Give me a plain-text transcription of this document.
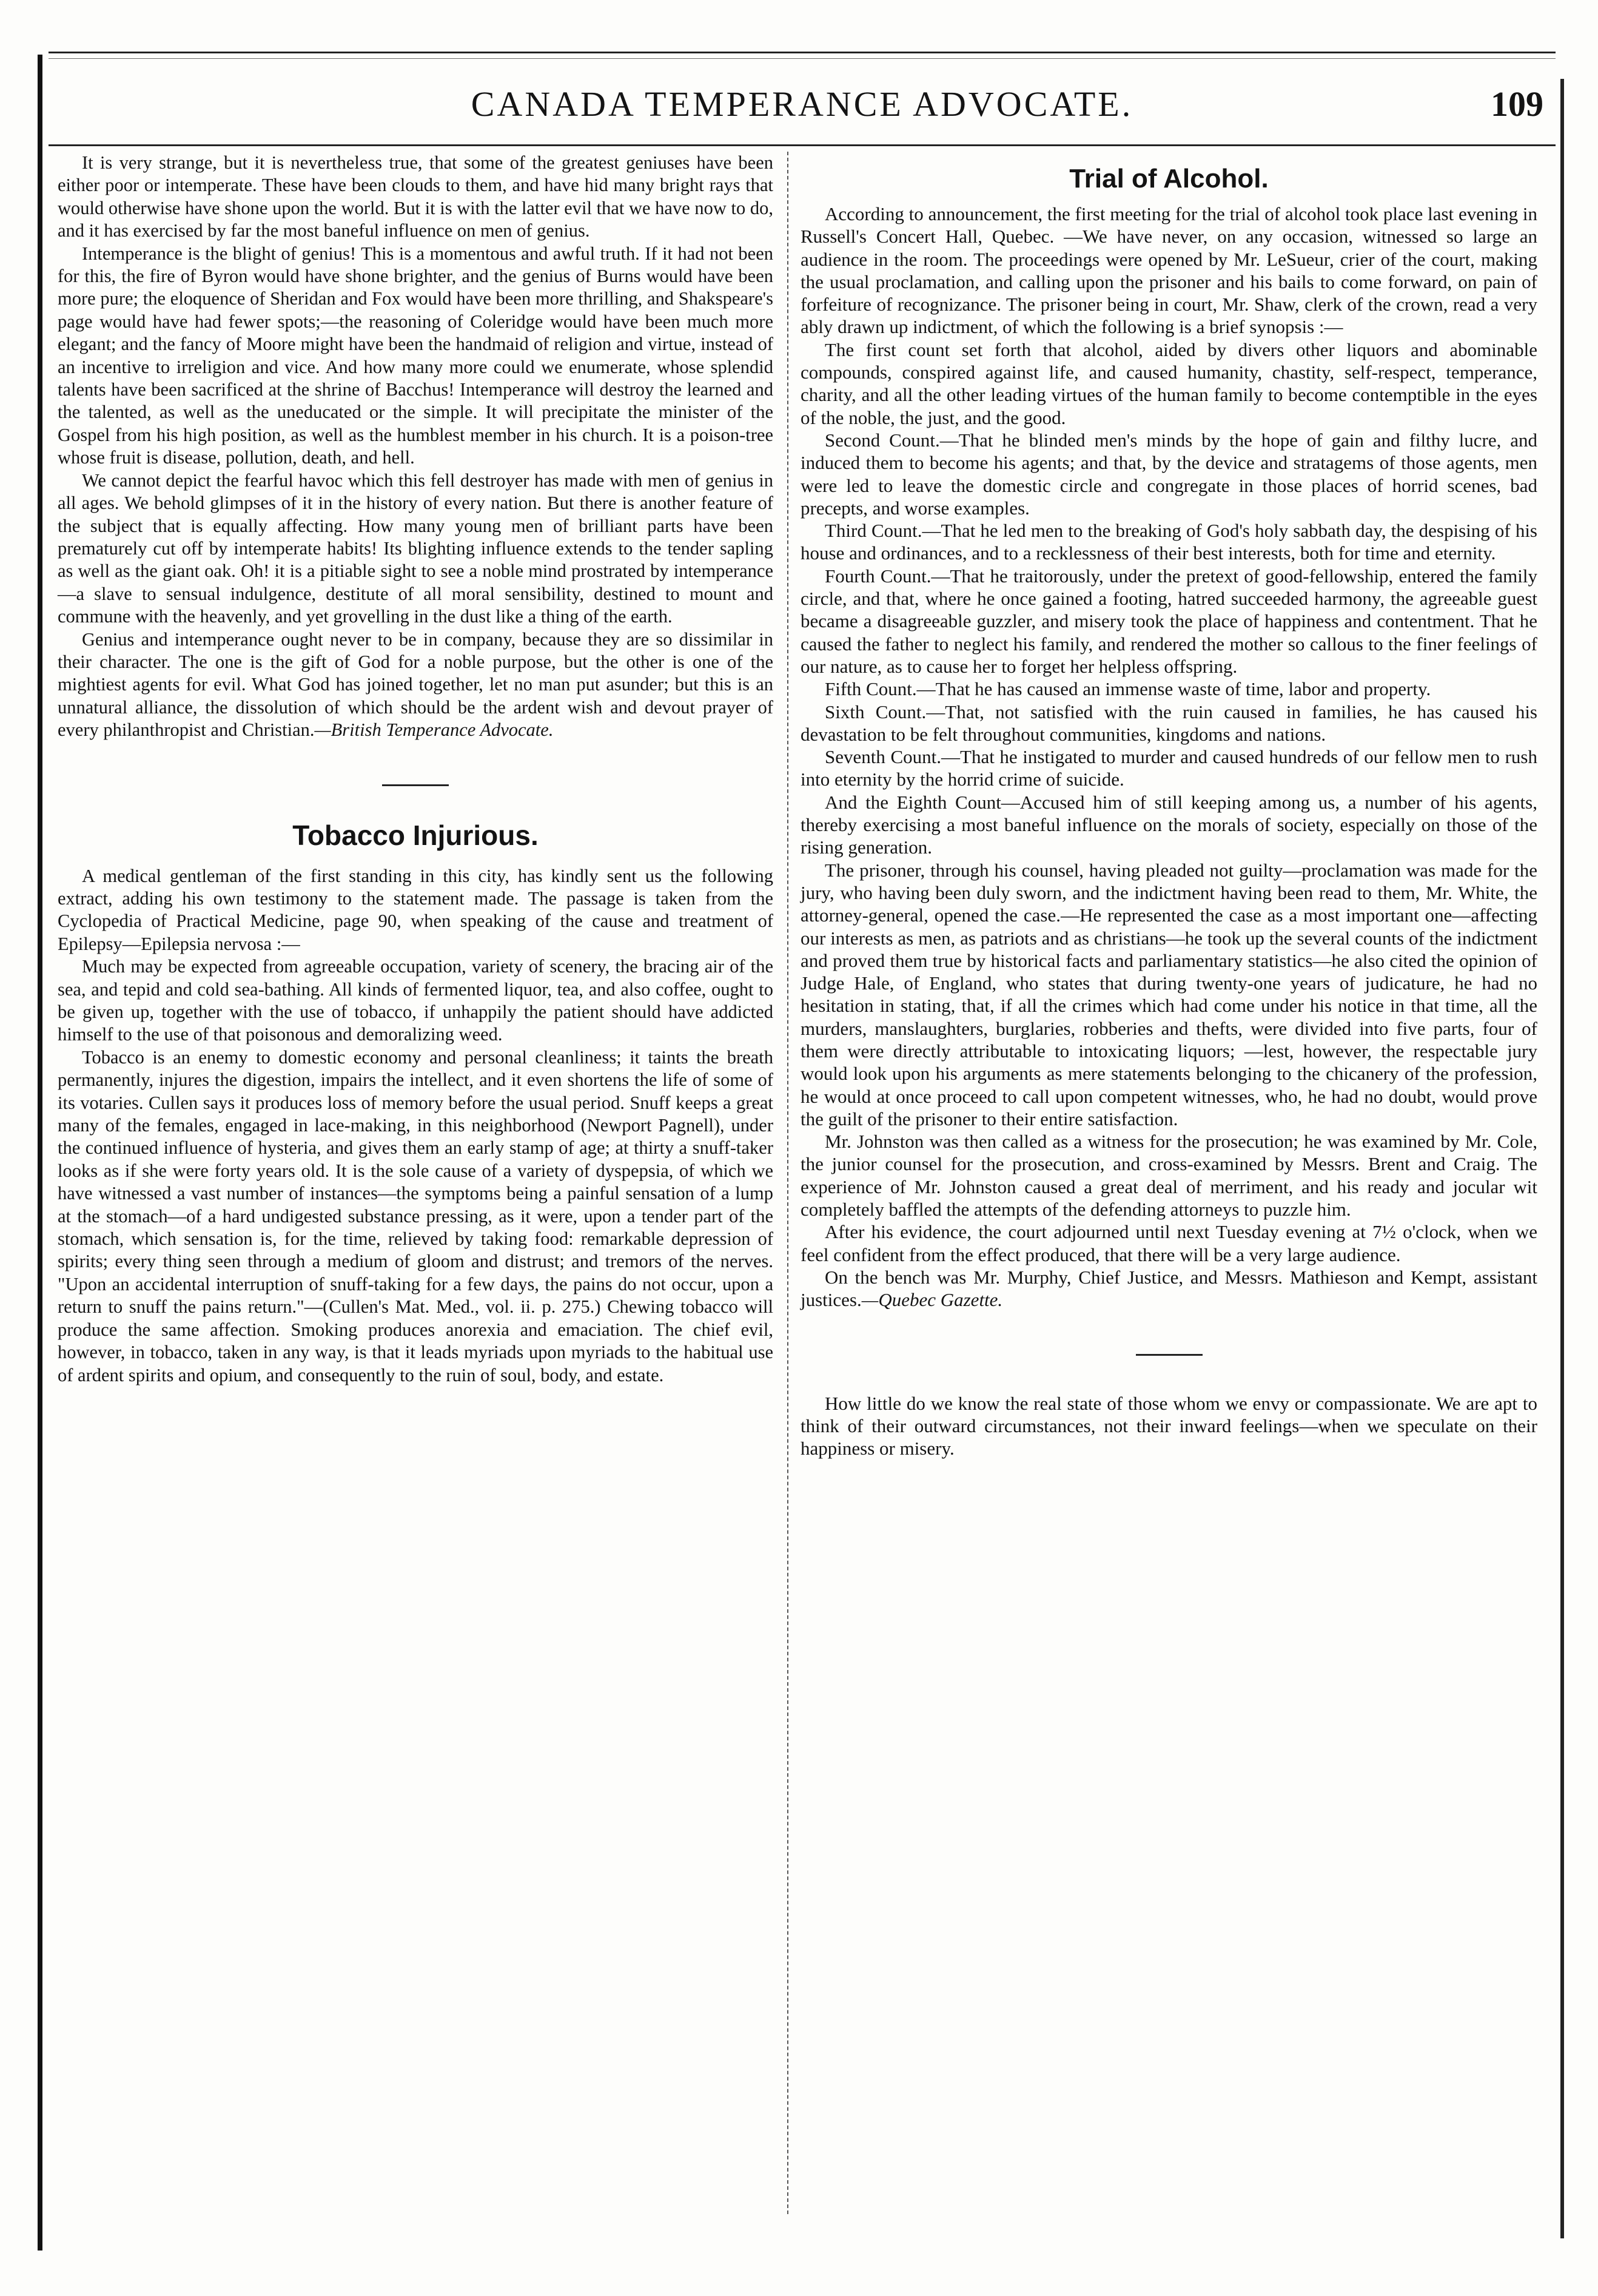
CANADA TEMPERANCE ADVOCATE.	109

It is very strange, but it is nevertheless true, that some of the greatest geniuses have been either poor or intemperate. These have been clouds to them, and have hid many bright rays that would otherwise have shone upon the world. But it is with the latter evil that we have now to do, and it has exercised by far the most baneful influence on men of genius.

Intemperance is the blight of genius! This is a momentous and awful truth. If it had not been for this, the fire of Byron would have shone brighter, and the genius of Burns would have been more pure; the eloquence of Sheridan and Fox would have been more thrilling, and Shakspeare's page would have had fewer spots;—the reasoning of Coleridge would have been much more elegant; and the fancy of Moore might have been the handmaid of religion and virtue, instead of an incentive to irreligion and vice. And how many more could we enumerate, whose splendid talents have been sacrificed at the shrine of Bacchus! Intemperance will destroy the learned and the talented, as well as the uneducated or the simple. It will precipitate the minister of the Gospel from his high position, as well as the humblest member in his church. It is a poison-tree whose fruit is disease, pollution, death, and hell.

We cannot depict the fearful havoc which this fell destroyer has made with men of genius in all ages. We behold glimpses of it in the history of every nation. But there is another feature of the subject that is equally affecting. How many young men of brilliant parts have been prematurely cut off by intemperate habits! Its blighting influence extends to the tender sapling as well as the giant oak. Oh! it is a pitiable sight to see a noble mind prostrated by intemperance—a slave to sensual indulgence, destitute of all moral sensibility, destined to mount and commune with the heavenly, and yet grovelling in the dust like a thing of the earth.

Genius and intemperance ought never to be in company, because they are so dissimilar in their character. The one is the gift of God for a noble purpose, but the other is one of the mightiest agents for evil. What God has joined together, let no man put asunder; but this is an unnatural alliance, the dissolution of which should be the ardent wish and devout prayer of every philanthropist and Christian.—British Temperance Advocate.

Tobacco Injurious.

A medical gentleman of the first standing in this city, has kindly sent us the following extract, adding his own testimony to the statement made. The passage is taken from the Cyclopedia of Practical Medicine, page 90, when speaking of the cause and treatment of Epilepsy—Epilepsia nervosa :—

Much may be expected from agreeable occupation, variety of scenery, the bracing air of the sea, and tepid and cold sea-bathing. All kinds of fermented liquor, tea, and also coffee, ought to be given up, together with the use of tobacco, if unhappily the patient should have addicted himself to the use of that poisonous and demoralizing weed.

Tobacco is an enemy to domestic economy and personal cleanliness; it taints the breath permanently, injures the digestion, impairs the intellect, and it even shortens the life of some of its votaries. Cullen says it produces loss of memory before the usual period. Snuff keeps a great many of the females, engaged in lace-making, in this neighborhood (Newport Pagnell), under the continued influence of hysteria, and gives them an early stamp of age; at thirty a snuff-taker looks as if she were forty years old. It is the sole cause of a variety of dyspepsia, of which we have witnessed a vast number of instances—the symptoms being a painful sensation of a lump at the stomach—of a hard undigested substance pressing, as it were, upon a tender part of the stomach, which sensation is, for the time, relieved by taking food: remarkable depression of spirits; every thing seen through a medium of gloom and distrust; and tremors of the nerves. "Upon an accidental interruption of snuff-taking for a few days, the pains do not occur, upon a return to snuff the pains return."—(Cullen's Mat. Med., vol. ii. p. 275.) Chewing tobacco will produce the same affection. Smoking produces anorexia and emaciation. The chief evil, however, in tobacco, taken in any way, is that it leads myriads upon myriads to the habitual use of ardent spirits and opium, and consequently to the ruin of soul, body, and estate.

Trial of Alcohol.

According to announcement, the first meeting for the trial of alcohol took place last evening in Russell's Concert Hall, Quebec. —We have never, on any occasion, witnessed so large an audience in the room. The proceedings were opened by Mr. LeSueur, crier of the court, making the usual proclamation, and calling upon the prisoner and his bails to come forward, on pain of forfeiture of recognizance. The prisoner being in court, Mr. Shaw, clerk of the crown, read a very ably drawn up indictment, of which the following is a brief synopsis :—

The first count set forth that alcohol, aided by divers other liquors and abominable compounds, conspired against life, and caused humanity, chastity, self-respect, temperance, charity, and all the other leading virtues of the human family to become contemptible in the eyes of the noble, the just, and the good.

Second Count.—That he blinded men's minds by the hope of gain and filthy lucre, and induced them to become his agents; and that, by the device and stratagems of those agents, men were led to leave the domestic circle and congregate in those places of horrid scenes, bad precepts, and worse examples.

Third Count.—That he led men to the breaking of God's holy sabbath day, the despising of his house and ordinances, and to a recklessness of their best interests, both for time and eternity.

Fourth Count.—That he traitorously, under the pretext of good-fellowship, entered the family circle, and that, where he once gained a footing, hatred succeeded harmony, the agreeable guest became a disagreeable guzzler, and misery took the place of happiness and contentment. That he caused the father to neglect his family, and rendered the mother so callous to the finer feelings of our nature, as to cause her to forget her helpless offspring.

Fifth Count.—That he has caused an immense waste of time, labor and property.

Sixth Count.—That, not satisfied with the ruin caused in families, he has caused his devastation to be felt throughout communities, kingdoms and nations.

Seventh Count.—That he instigated to murder and caused hundreds of our fellow men to rush into eternity by the horrid crime of suicide.

And the Eighth Count—Accused him of still keeping among us, a number of his agents, thereby exercising a most baneful influence on the morals of society, especially on those of the rising generation.

The prisoner, through his counsel, having pleaded not guilty—proclamation was made for the jury, who having been duly sworn, and the indictment having been read to them, Mr. White, the attorney-general, opened the case.—He represented the case as a most important one—affecting our interests as men, as patriots and as christians—he took up the several counts of the indictment and proved them true by historical facts and parliamentary statistics—he also cited the opinion of Judge Hale, of England, who states that during twenty-one years of judicature, he had no hesitation in stating, that, if all the crimes which had come under his notice in that time, all the murders, manslaughters, burglaries, robberies and thefts, were divided into five parts, four of them were directly attributable to intoxicating liquors; —lest, however, the respectable jury would look upon his arguments as mere statements belonging to the chicanery of the profession, he would at once proceed to call upon competent witnesses, who, he had no doubt, would prove the guilt of the prisoner to their entire satisfaction.

Mr. Johnston was then called as a witness for the prosecution; he was examined by Mr. Cole, the junior counsel for the prosecution, and cross-examined by Messrs. Brent and Craig. The experience of Mr. Johnston caused a great deal of merriment, and his ready and jocular wit completely baffled the attempts of the defending attorneys to puzzle him.

After his evidence, the court adjourned until next Tuesday evening at 7½ o'clock, when we feel confident from the effect produced, that there will be a very large audience.

On the bench was Mr. Murphy, Chief Justice, and Messrs. Mathieson and Kempt, assistant justices.—Quebec Gazette.

How little do we know the real state of those whom we envy or compassionate. We are apt to think of their outward circumstances, not their inward feelings—when we speculate on their happiness or misery.
